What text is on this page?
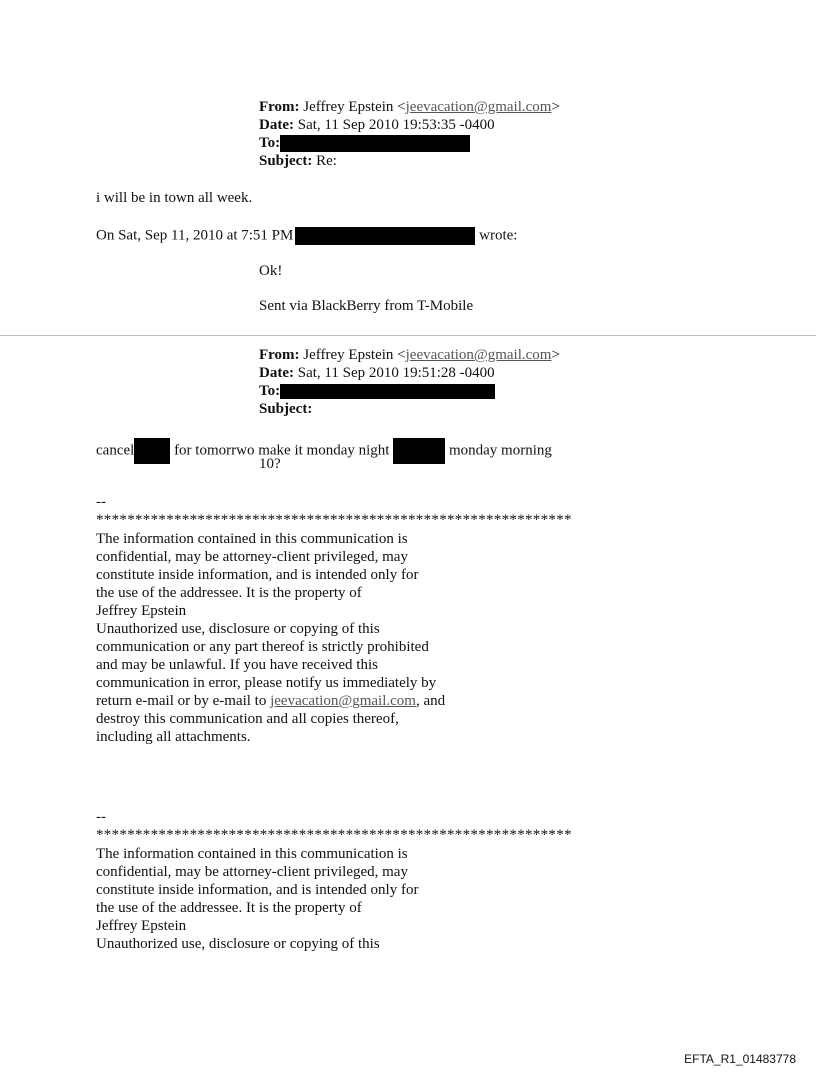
From: Jeffrey Epstein <jeevacation@gmail.com>
Date: Sat, 11 Sep 2010 19:53:35 -0400
To:
Subject: Re:
i will be in town all week.
On Sat, Sep 11, 2010 at 7:51 PM	wrote:
Ok!
Sent via BlackBerry from T-Mobile
From: Jeffrey Epstein <jeevacation@gmail.com>
Date: Sat, 11 Sep 2010 19:51:28 -0400
To:
Subject:
cancel	for tomorrwo make it monday night	monday morning
10?
--
*************************************************************
The information contained in this communication is
confidential, may be attorney-client privileged, may
constitute inside information, and is intended only for
the use of the addressee. It is the property of
Jeffrey Epstein
Unauthorized use, disclosure or copying of this
communication or any part thereof is strictly prohibited
and may be unlawful. If you have received this
communication in error, please notify us immediately by
return e-mail or by e-mail to jeevacation@gmail.com, and
destroy this communication and all copies thereof,
including all attachments.
--
*************************************************************
The information contained in this communication is
confidential, may be attorney-client privileged, may
constitute inside information, and is intended only for
the use of the addressee. It is the property of
Jeffrey Epstein
Unauthorized use, disclosure or copying of this
EFTA_R1_01483778
